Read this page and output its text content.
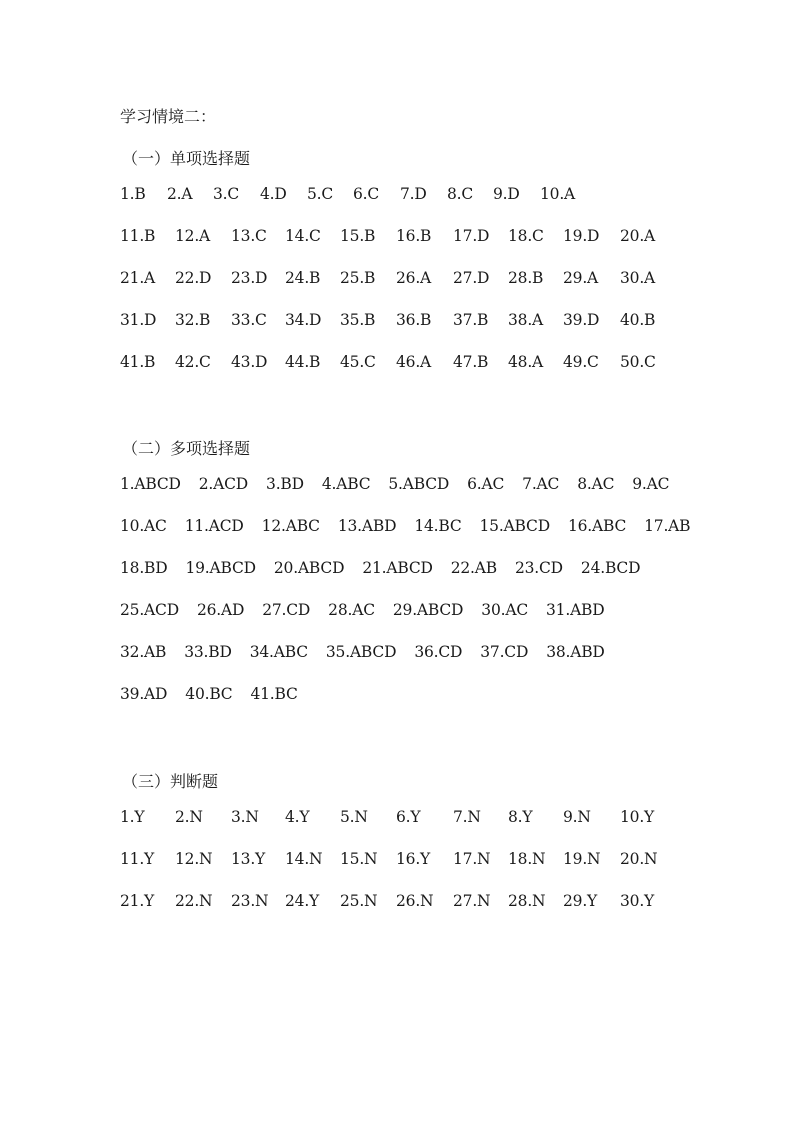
学习情境二：
（一）单项选择题
1.B 2.A 3.C 4.D 5.C 6.C 7.D 8.C 9.D 10.A
11.B 12.A 13.C 14.C 15.B 16.B 17.D 18.C 19.D 20.A
21.A 22.D 23.D 24.B 25.B 26.A 27.D 28.B 29.A 30.A
31.D 32.B 33.C 34.D 35.B 36.B 37.B 38.A 39.D 40.B
41.B 42.C 43.D 44.B 45.C 46.A 47.B 48.A 49.C 50.C
（二）多项选择题
1.ABCD 2.ACD 3.BD 4.ABC 5.ABCD 6.AC 7.AC 8.AC 9.AC
10.AC 11.ACD 12.ABC 13.ABD 14.BC 15.ABCD 16.ABC 17.AB
18.BD 19.ABCD 20.ABCD 21.ABCD 22.AB 23.CD 24.BCD
25.ACD 26.AD 27.CD 28.AC 29.ABCD 30.AC 31.ABD
32.AB 33.BD 34.ABC 35.ABCD 36.CD 37.CD 38.ABD
39.AD 40.BC 41.BC
（三）判断题
1.Y 2.N 3.N 4.Y 5.N 6.Y 7.N 8.Y 9.N 10.Y
11.Y 12.N 13.Y 14.N 15.N 16.Y 17.N 18.N 19.N 20.N
21.Y 22.N 23.N 24.Y 25.N 26.N 27.N 28.N 29.Y 30.Y
